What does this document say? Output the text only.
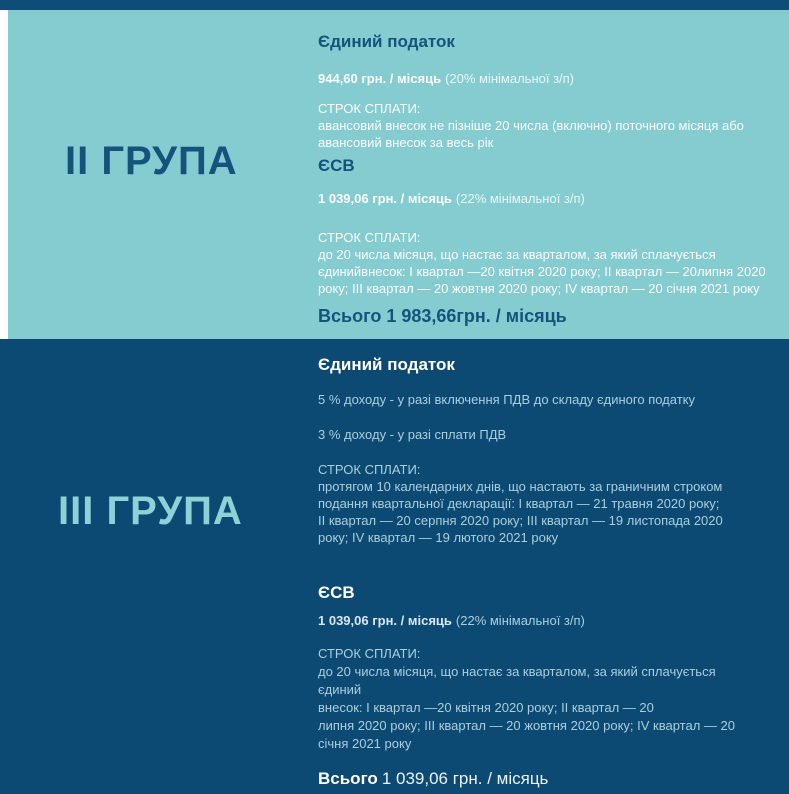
ІІ ГРУПА
Єдиний податок
944,60 грн. / місяць (20% мінімальної з/п)
СТРОК СПЛАТИ:
авансовий внесок не пізніше 20 числа (включно) поточного місяця або
авансовий внесок за весь рік
ЄСВ
1 039,06 грн. / місяць (22% мінімальної з/п)
СТРОК СПЛАТИ:
до 20 числа місяця, що настає за кварталом, за який сплачується
єдинийвнесок: І квартал —20 квітня 2020 року; ІІ квартал — 20липня 2020
року; ІІІ квартал — 20 жовтня 2020 року; ІV квартал — 20 січня 2021 року
Всього 1 983,66грн. / місяць
ІІІ ГРУПА
Єдиний податок
5 % доходу - у разі включення ПДВ до складу єдиного податку
3 % доходу - у разі сплати ПДВ
СТРОК СПЛАТИ:
протягом 10 календарних днів, що настають за граничним строком
подання квартальної декларації: І квартал — 21 травня 2020 року;
ІІ квартал — 20 серпня 2020 року; ІІІ квартал — 19 листопада 2020
року; ІV квартал — 19 лютого 2021 року
ЄСВ
1 039,06 грн. / місяць (22% мінімальної з/п)
СТРОК СПЛАТИ:
до 20 числа місяця, що настає за кварталом, за який сплачується
єдиний
внесок: І квартал —20 квітня 2020 року; ІІ квартал — 20
липня 2020 року; ІІІ квартал — 20 жовтня 2020 року; ІV квартал — 20
січня 2021 року
Всього 1 039,06 грн. / місяць
